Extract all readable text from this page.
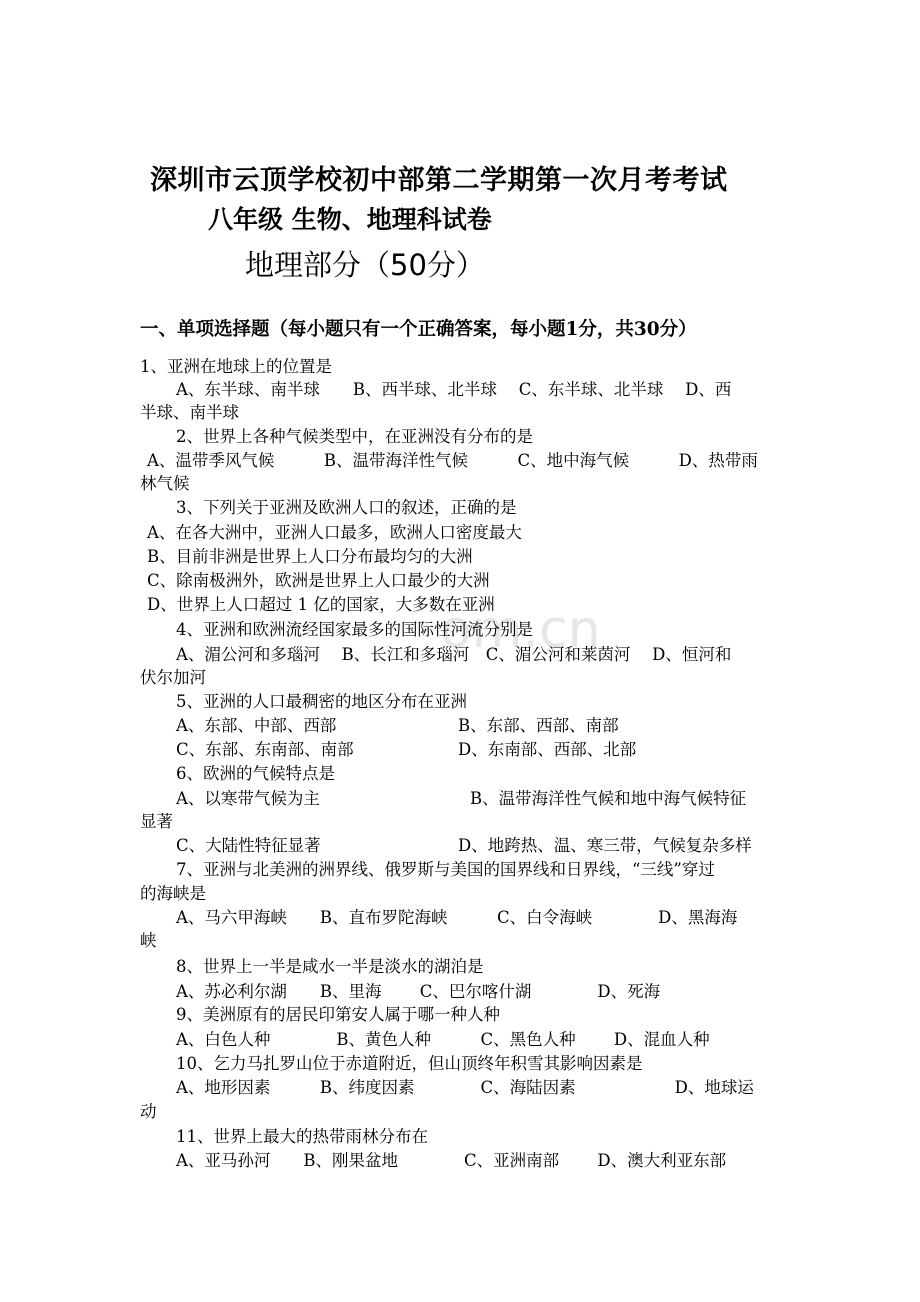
om.cn
深圳市云顶学校初中部第二学期第一次月考考试
八年级 生物、地理科试卷
地理部分（50分）
一、单项选择题（每小题只有一个正确答案，每小题1分，共30分）
1、亚洲在地球上的位置是
A、东半球、南半球　　B、西半球、北半球　 C、东半球、北半球　 D、西
半球、南半球
2、世界上各种气候类型中，在亚洲没有分布的是
A、温带季风气候　　　B、温带海洋性气候　　　C、地中海气候　　　D、热带雨
林气候
3、下列关于亚洲及欧洲人口的叙述，正确的是
A、在各大洲中，亚洲人口最多，欧洲人口密度最大
B、目前非洲是世界上人口分布最均匀的大洲
C、除南极洲外，欧洲是世界上人口最少的大洲
D、世界上人口超过 1 亿的国家，大多数在亚洲
4、亚洲和欧洲流经国家最多的国际性河流分别是
A、湄公河和多瑙河　 B、长江和多瑙河　C、湄公河和莱茵河　 D、恒河和
伏尔加河
5、亚洲的人口最稠密的地区分布在亚洲
A、东部、中部、西部	B、东部、西部、南部
C、东部、东南部、南部	D、东南部、西部、北部
6、欧洲的气候特点是
A、以寒带气候为主	B、温带海洋性气候和地中海气候特征
显著
C、大陆性特征显著	D、地跨热、温、寒三带，气候复杂多样
7、亚洲与北美洲的洲界线、俄罗斯与美国的国界线和日界线，“三线”穿过
的海峡是
A、马六甲海峡　　B、直布罗陀海峡　　　C、白令海峡　　　　D、黑海海
峡
8、世界上一半是咸水一半是淡水的湖泊是
A、苏必利尔湖　　B、里海　　 C、巴尔喀什湖　　　　D、死海
9、美洲原有的居民印第安人属于哪一种人种
A、白色人种　　　　B、黄色人种　　　C、黑色人种　　 D、混血人种
10、乞力马扎罗山位于赤道附近，但山顶终年积雪其影响因素是
A、地形因素　　　B、纬度因素　　　　C、海陆因素　　　　　　D、地球运
动
11、世界上最大的热带雨林分布在
A、亚马孙河　　B、刚果盆地　　　　C、亚洲南部　　 D、澳大利亚东部
